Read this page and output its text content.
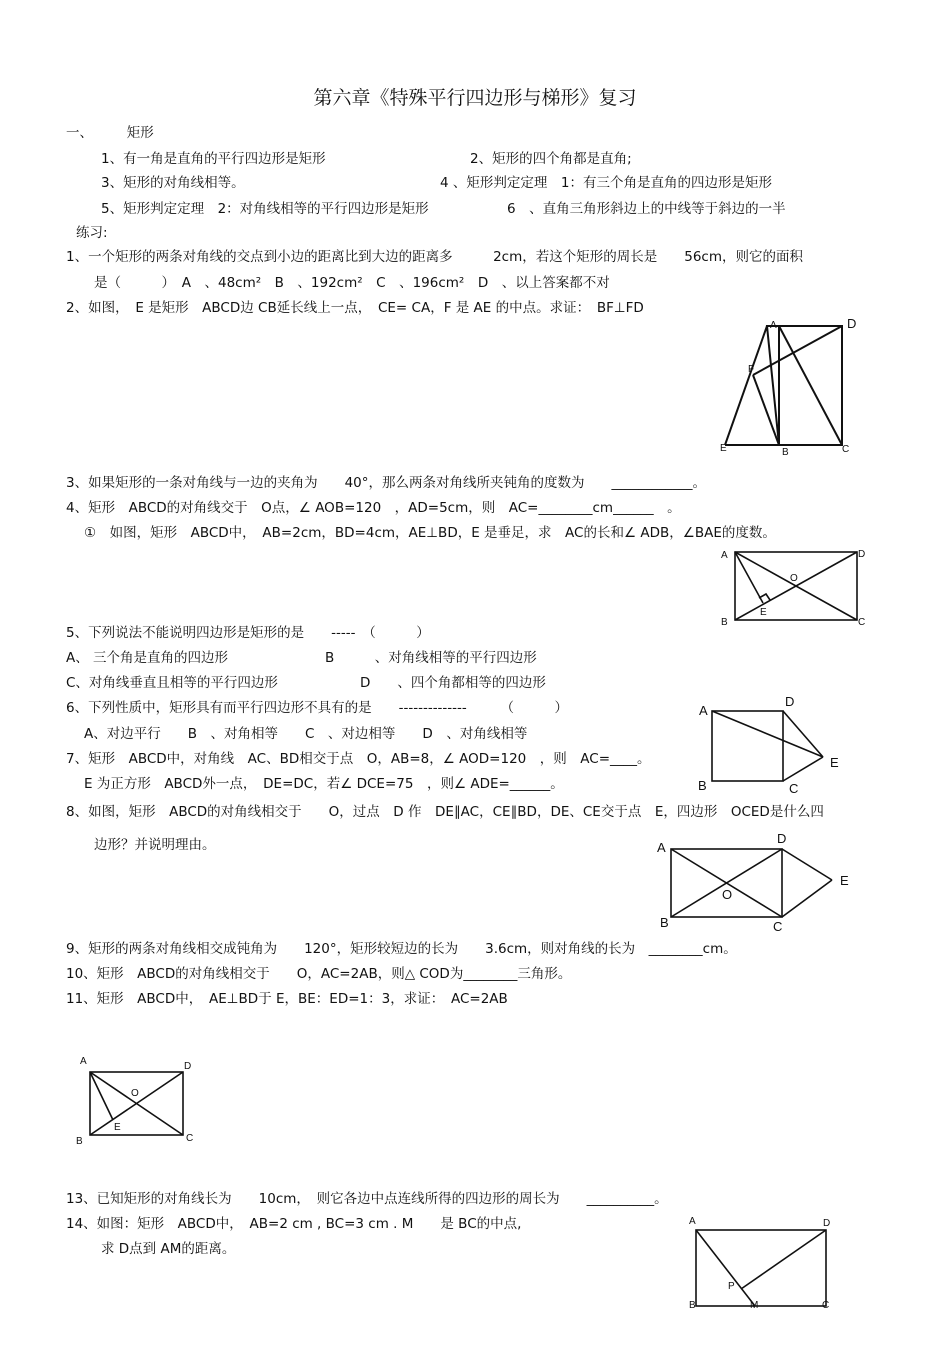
第六章《特殊平行四边形与梯形》复习
一、　　　矩形
1、有一角是直角的平行四边形是矩形	2、矩形的四个角都是直角;
3、矩形的对角线相等。	4 、矩形判定定理　1：有三个角是直角的四边形是矩形
5、矩形判定定理　2：对角线相等的平行四边形是矩形	6　、直角三角形斜边上的中线等于斜边的一半
练习:
1、一个矩形的两条对角线的交点到小边的距离比到大边的距离多　　　2cm，若这个矩形的周长是　　56cm，则它的面积
是（　　　）　A　、48cm²　B　、192cm²　C　、196cm²　D　、以上答案都不对
2、如图，　E 是矩形　ABCD边 CB延长线上一点，　CE= CA，F 是 AE 的中点。求证：　BF⊥FD
A	D
F
E	B	C
3、如果矩形的一条对角线与一边的夹角为　　40°，那么两条对角线所夹钝角的度数为　　____________。
4、矩形　ABCD的对角线交于　O点，∠ AOB=120　，AD=5cm，则　AC=________cm______　。
①　如图，矩形　ABCD中，　AB=2cm，BD=4cm，AE⊥BD，E 是垂足，求　AC的长和∠ ADB，∠BAE的度数。
A	D
O
E
B	C
5、下列说法不能说明四边形是矩形的是　　-----　（　　　）
A、 三个角是直角的四边形	B　　　、对角线相等的平行四边形
C、对角线垂直且相等的平行四边形	D　　、四个角都相等的四边形
6、下列性质中，矩形具有而平行四边形不具有的是　　--------------　　　（　　　）
A、对边平行　　B　、对角相等　　C　、对边相等　　D　、对角线相等
A
D
E
B	C
7、矩形　ABCD中，对角线　AC、BD相交于点　O，AB=8，∠ AOD=120　，则　AC=____。
E 为正方形　ABCD外一点，　DE=DC，若∠ DCE=75　，则∠ ADE=______。
8、如图，矩形　ABCD的对角线相交于　　O，过点　D 作　DE∥AC，CE∥BD，DE、CE交于点　E，四边形　OCED是什么四
边形？并说明理由。	A
D
E
O
B	C
9、矩形的两条对角线相交成钝角为　　120°，矩形较短边的长为　　3.6cm，则对角线的长为　________cm。
10、矩形　ABCD的对角线相交于　　O，AC=2AB，则△ COD为________三角形。
11、矩形　ABCD中，　AE⊥BD于 E，BE：ED=1：3，求证：　AC=2AB
A	D
O
E
B	C
13、已知矩形的对角线长为　　10cm，　则它各边中点连线所得的四边形的周长为　　__________。
14、如图：矩形　ABCD中，　AB=2 cm , BC=3 cm . M　　是 BC的中点,
求 D点到 AM的距离。
A	D
P
B	M	C
